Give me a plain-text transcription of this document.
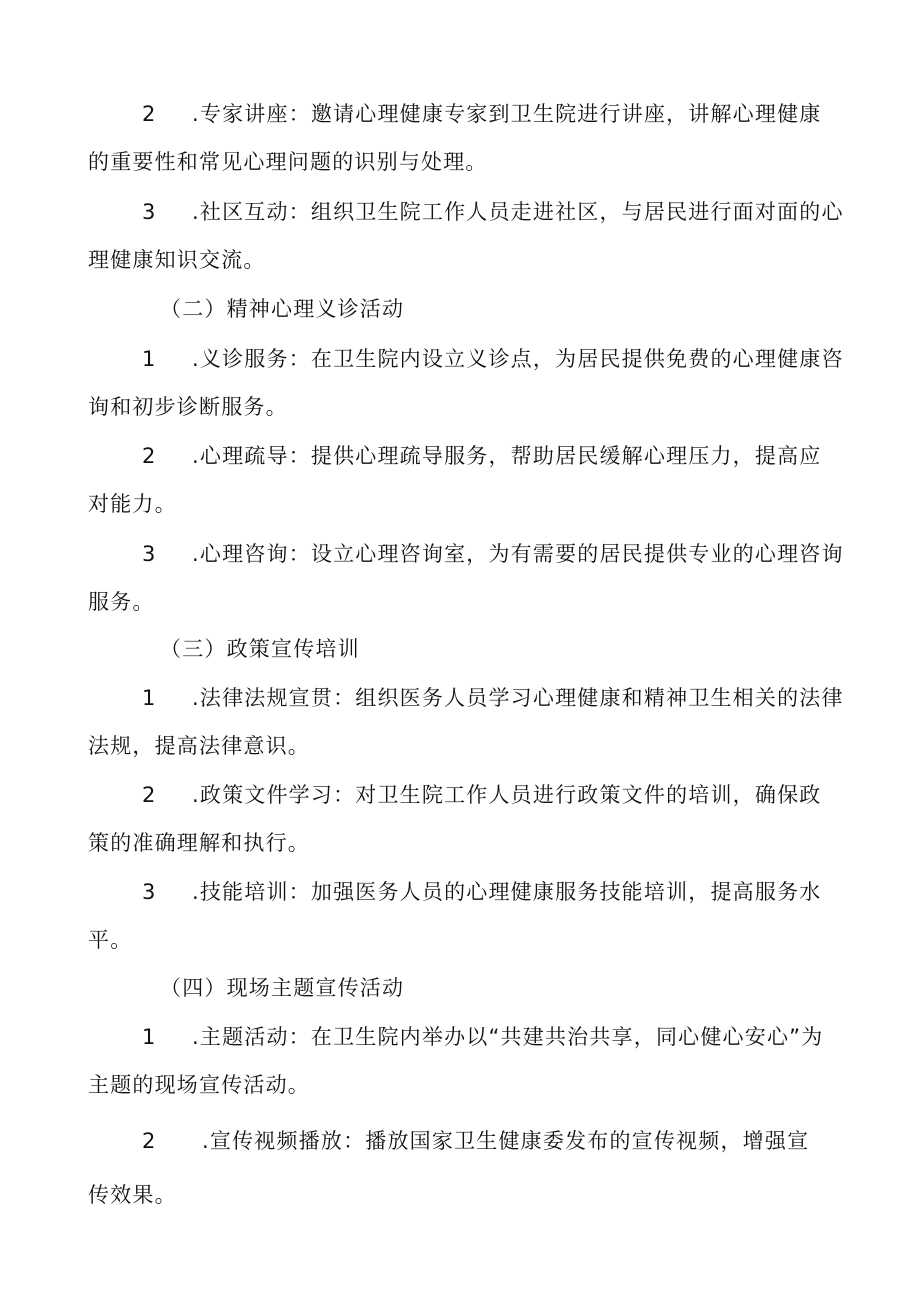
2 .专家讲座：邀请心理健康专家到卫生院进行讲座，讲解心理健康
的重要性和常见心理问题的识别与处理。
3 .社区互动：组织卫生院工作人员走进社区，与居民进行面对面的心
理健康知识交流。
（二）精神心理义诊活动
1 .义诊服务：在卫生院内设立义诊点，为居民提供免费的心理健康咨
询和初步诊断服务。
2 .心理疏导：提供心理疏导服务，帮助居民缓解心理压力，提高应
对能力。
3 .心理咨询：设立心理咨询室，为有需要的居民提供专业的心理咨询
服务。
（三）政策宣传培训
1 .法律法规宣贯：组织医务人员学习心理健康和精神卫生相关的法律
法规，提高法律意识。
2 .政策文件学习：对卫生院工作人员进行政策文件的培训，确保政
策的准确理解和执行。
3 .技能培训：加强医务人员的心理健康服务技能培训，提高服务水
平。
（四）现场主题宣传活动
1 .主题活动：在卫生院内举办以“共建共治共享，同心健心安心”为
主题的现场宣传活动。
2 .宣传视频播放：播放国家卫生健康委发布的宣传视频，增强宣
传效果。
